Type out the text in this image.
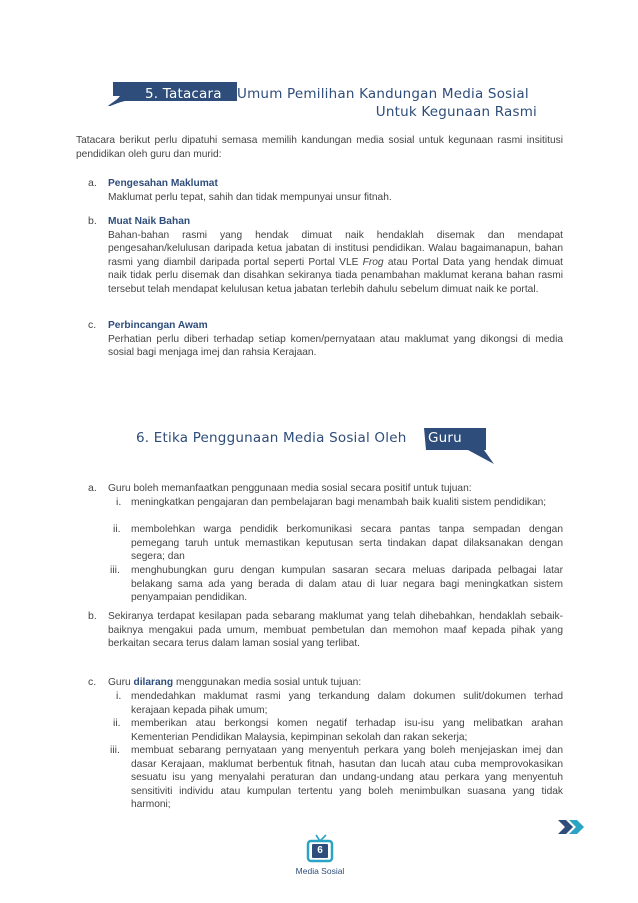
5. Tatacara Umum Pemilihan Kandungan Media Sosial
Untuk Kegunaan Rasmi
Tatacara berikut perlu dipatuhi semasa memilih kandungan media sosial untuk kegunaan rasmi insititusi pendidikan oleh guru dan murid:
a. Pengesahan Maklumat
Maklumat perlu tepat, sahih dan tidak mempunyai unsur fitnah.
b. Muat Naik Bahan
Bahan-bahan rasmi yang hendak dimuat naik hendaklah disemak dan mendapat pengesahan/kelulusan daripada ketua jabatan di institusi pendidikan. Walau bagaimanapun, bahan rasmi yang diambil daripada portal seperti Portal VLE Frog atau Portal Data yang hendak dimuat naik tidak perlu disemak dan disahkan sekiranya tiada penambahan maklumat kerana bahan rasmi tersebut telah mendapat kelulusan ketua jabatan terlebih dahulu sebelum dimuat naik ke portal.
c. Perbincangan Awam
Perhatian perlu diberi terhadap setiap komen/pernyataan atau maklumat yang dikongsi di media sosial bagi menjaga imej dan rahsia Kerajaan.
6. Etika Penggunaan Media Sosial Oleh Guru
a. Guru boleh memanfaatkan penggunaan media sosial secara positif untuk tujuan:
i. meningkatkan pengajaran dan pembelajaran bagi menambah baik kualiti sistem pendidikan;
ii. membolehkan warga pendidik berkomunikasi secara pantas tanpa sempadan dengan pemegang taruh untuk memastikan keputusan serta tindakan dapat dilaksanakan dengan segera; dan
iii. menghubungkan guru dengan kumpulan sasaran secara meluas daripada pelbagai latar belakang sama ada yang berada di dalam atau di luar negara bagi meningkatkan sistem penyampaian pendidikan.
b. Sekiranya terdapat kesilapan pada sebarang maklumat yang telah dihebahkan, hendaklah sebaik-baiknya mengakui pada umum, membuat pembetulan dan memohon maaf kepada pihak yang berkaitan secara terus dalam laman sosial yang terlibat.
c. Guru dilarang menggunakan media sosial untuk tujuan:
i. mendedahkan maklumat rasmi yang terkandung dalam dokumen sulit/dokumen terhad kerajaan kepada pihak umum;
ii. memberikan atau berkongsi komen negatif terhadap isu-isu yang melibatkan arahan Kementerian Pendidikan Malaysia, kepimpinan sekolah dan rakan sekerja;
iii. membuat sebarang pernyataan yang menyentuh perkara yang boleh menjejaskan imej dan dasar Kerajaan, maklumat berbentuk fitnah, hasutan dan lucah atau cuba memprovokasikan sesuatu isu yang menyalahi peraturan dan undang-undang atau perkara yang menyentuh sensitiviti individu atau kumpulan tertentu yang boleh menimbulkan suasana yang tidak harmoni;
6
Media Sosial
